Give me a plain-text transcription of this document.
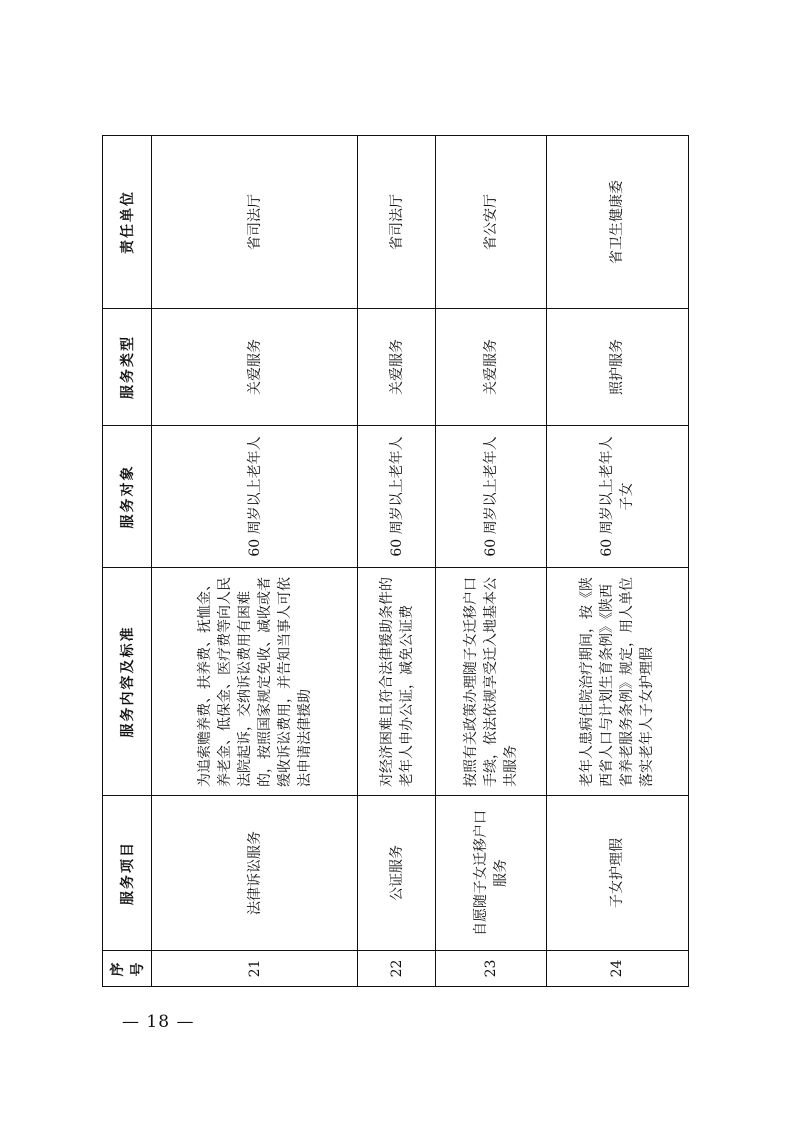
序号	服务项目	服务内容及标准	服务对象	服务类型	责任单位
21	法律诉讼服务	为追索赡养费、扶养费、抚恤金、养老金、低保金、医疗费等向人民法院起诉，交纳诉讼费用有困难的，按照国家规定免收、减收或者缓收诉讼费用，并告知当事人可依法申请法律援助	60 周岁以上老年人	关爱服务	省司法厅
22	公证服务	对经济困难且符合法律援助条件的老年人申办公证，减免公证费	60 周岁以上老年人	关爱服务	省司法厅
23	自愿随子女迁移户口服务	按照有关政策办理随子女迁移户口手续，依法依规享受迁入地基本公共服务	60 周岁以上老年人	关爱服务	省公安厅
24	子女护理假	老年人患病住院治疗期间，按《陕西省人口与计划生育条例》《陕西省养老服务条例》规定，用人单位落实老年人子女护理假	60 周岁以上老年人子女	照护服务	省卫生健康委
— 18 —
